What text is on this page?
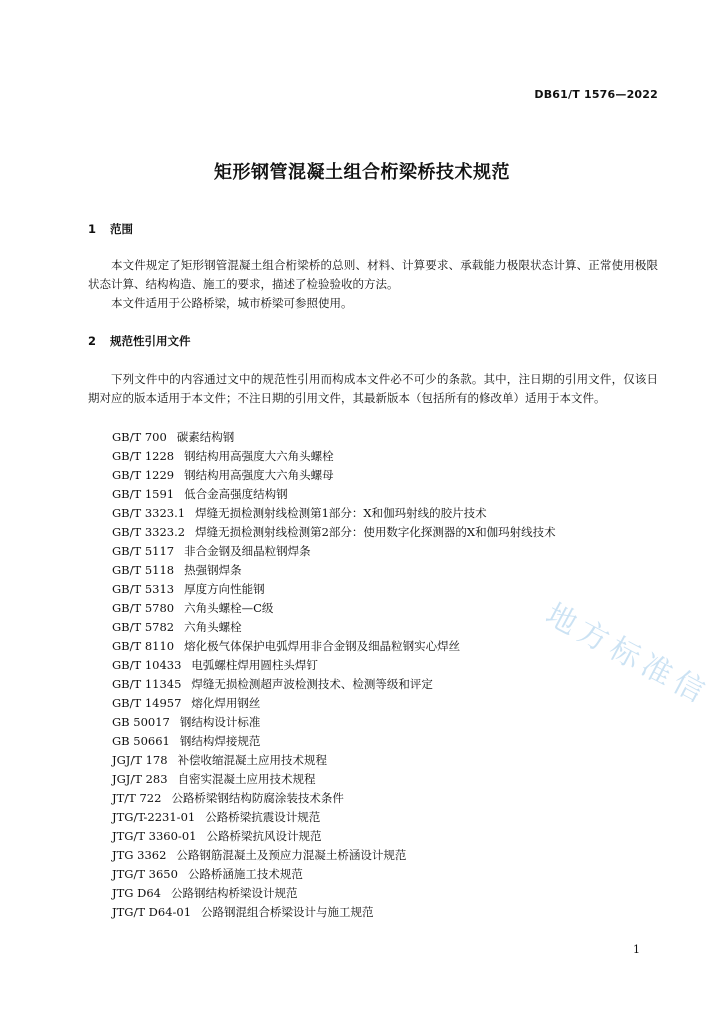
DB61/T 1576—2022
矩形钢管混凝土组合桁梁桥技术规范
1 范围

本文件规定了矩形钢管混凝土组合桁梁桥的总则、材料、计算要求、承载能力极限状态计算、正常使用极限状态计算、结构构造、施工的要求，描述了检验验收的方法。

本文件适用于公路桥梁，城市桥梁可参照使用。

2 规范性引用文件

下列文件中的内容通过文中的规范性引用而构成本文件必不可少的条款。其中，注日期的引用文件，仅该日期对应的版本适用于本文件；不注日期的引用文件，其最新版本（包括所有的修改单）适用于本文件。

GB/T 700 碳素结构钢
GB/T 1228 钢结构用高强度大六角头螺栓
GB/T 1229 钢结构用高强度大六角头螺母
GB/T 1591 低合金高强度结构钢
GB/T 3323.1 焊缝无损检测射线检测第1部分：X和伽玛射线的胶片技术
GB/T 3323.2 焊缝无损检测射线检测第2部分：使用数字化探测器的X和伽玛射线技术
GB/T 5117 非合金钢及细晶粒钢焊条
GB/T 5118 热强钢焊条
GB/T 5313 厚度方向性能钢
GB/T 5780 六角头螺栓—C级
GB/T 5782 六角头螺栓
GB/T 8110 熔化极气体保护电弧焊用非合金钢及细晶粒钢实心焊丝
GB/T 10433 电弧螺柱焊用圆柱头焊钉
GB/T 11345 焊缝无损检测超声波检测技术、检测等级和评定
GB/T 14957 熔化焊用钢丝
GB 50017 钢结构设计标准
GB 50661 钢结构焊接规范
JGJ/T 178 补偿收缩混凝土应用技术规程
JGJ/T 283 自密实混凝土应用技术规程
JT/T 722 公路桥梁钢结构防腐涂装技术条件
JTG/T-2231-01 公路桥梁抗震设计规范
JTG/T 3360-01 公路桥梁抗风设计规范
JTG 3362 公路钢筋混凝土及预应力混凝土桥涵设计规范
JTG/T 3650 公路桥涵施工技术规范
JTG D64 公路钢结构桥梁设计规范
JTG/T D64-01 公路钢混组合桥梁设计与施工规范
地方标准信
1
